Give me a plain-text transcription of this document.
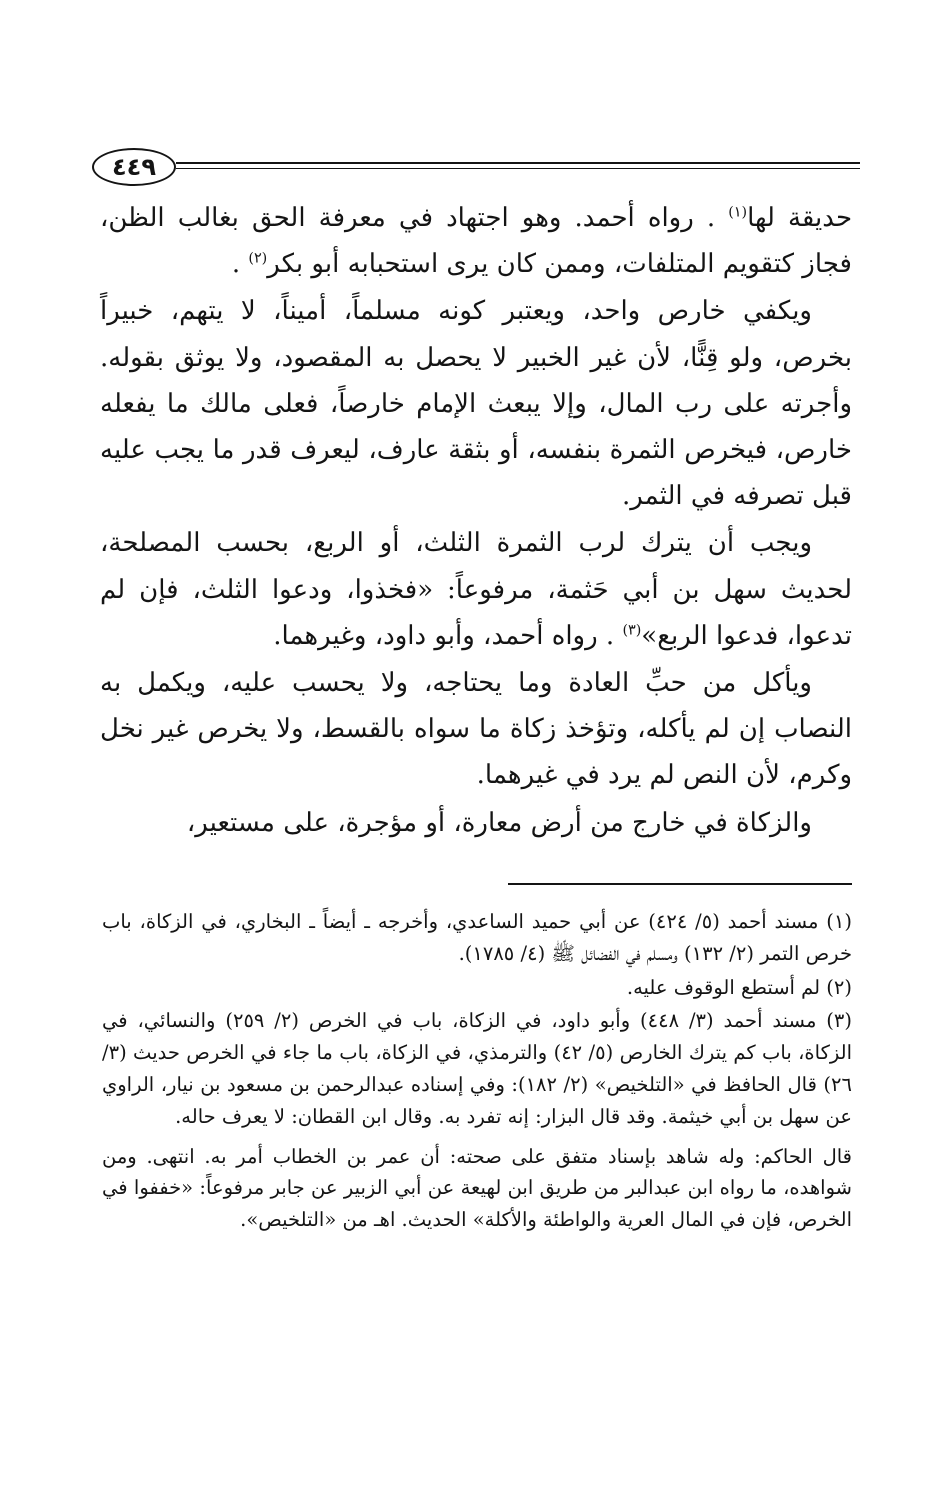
٤٤٩

حديقة لها$^{(١)}$ . رواه أحمد. وهو اجتهاد في معرفة الحق بغالب الظن، فجاز كتقويم المتلفات، وممن كان يرى استحبابه أبو بكر$^{(٢)}$ .

ويكفي خارص واحد، ويعتبر كونه مسلماً، أميناً، لا يتهم، خبيراً بخرص، ولو قِنًّا، لأن غير الخبير لا يحصل به المقصود، ولا يوثق بقوله. وأجرته على رب المال، وإلا يبعث الإمام خارصاً، فعلى مالك ما يفعله خارص، فيخرص الثمرة بنفسه، أو بثقة عارف، ليعرف قدر ما يجب عليه قبل تصرفه في الثمر.

ويجب أن يترك لرب الثمرة الثلث، أو الربع، بحسب المصلحة، لحديث سهل بن أبي حَثمة، مرفوعاً: «فخذوا، ودعوا الثلث، فإن لم تدعوا، فدعوا الربع»$^{(٣)}$ . رواه أحمد، وأبو داود، وغيرهما.

ويأكل من حبِّ العادة وما يحتاجه، ولا يحسب عليه، ويكمل به النصاب إن لم يأكله، وتؤخذ زكاة ما سواه بالقسط، ولا يخرص غير نخل وكرم، لأن النص لم يرد في غيرهما.

والزكاة في خارج من أرض معارة، أو مؤجرة، على مستعير،

(١) مسند أحمد (٥/ ٤٢٤) عن أبي حميد الساعدي، وأخرجه ـ أيضاً ـ البخاري، في الزكاة، باب خرص التمر (٢/ ١٣٢) ومسلم في الفضائل ﷺ (٤/ ١٧٨٥).

(٢) لم أستطع الوقوف عليه.

(٣) مسند أحمد (٣/ ٤٤٨) وأبو داود، في الزكاة، باب في الخرص (٢/ ٢٥٩) والنسائي، في الزكاة، باب كم يترك الخارص (٥/ ٤٢) والترمذي، في الزكاة، باب ما جاء في الخرص حديث (٣/ ٢٦) قال الحافظ في «التلخيص» (٢/ ١٨٢): وفي إسناده عبدالرحمن بن مسعود بن نيار، الراوي عن سهل بن أبي خيثمة. وقد قال البزار: إنه تفرد به. وقال ابن القطان: لا يعرف حاله.

قال الحاكم: وله شاهد بإسناد متفق على صحته: أن عمر بن الخطاب أمر به. انتهى. ومن شواهده، ما رواه ابن عبدالبر من طريق ابن لهيعة عن أبي الزبير عن جابر مرفوعاً: «خففوا في الخرص، فإن في المال العرية والواطئة والأكلة» الحديث. اهـ من «التلخيص».
